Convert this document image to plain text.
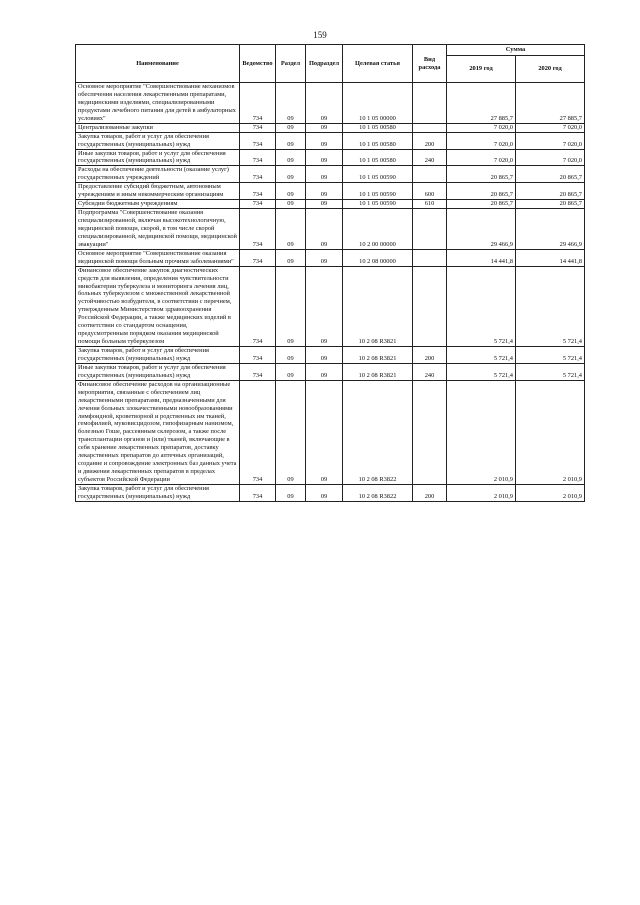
159
Наименование	Ведомство	Раздел	Подраздел	Целевая статья	Вид расхода	Сумма	
						2019 год	2020 год
Основное мероприятие "Совершенствование механизмов обеспечения населения лекарственными препаратами, медицинскими изделиями, специализированными продуктами лечебного питания для детей в амбулаторных условиях"	734	09	09	10 1 05 00000		27 885,7	27 885,7
Централизованные закупки	734	09	09	10 1 05 00580		7 020,0	7 020,0
Закупка товаров, работ и услуг для обеспечения государственных (муниципальных) нужд	734	09	09	10 1 05 00580	200	7 020,0	7 020,0
Иные закупки товаров, работ и услуг для обеспечения государственных (муниципальных) нужд	734	09	09	10 1 05 00580	240	7 020,0	7 020,0
Расходы на обеспечение деятельности (оказание услуг) государственных учреждений	734	09	09	10 1 05 00590		20 865,7	20 865,7
Предоставление субсидий бюджетным, автономным учреждениям и иным некоммерческим организациям	734	09	09	10 1 05 00590	600	20 865,7	20 865,7
Субсидии бюджетным учреждениям	734	09	09	10 1 05 00590	610	20 865,7	20 865,7
Подпрограмма "Совершенствование оказания специализированной, включая высокотехнологичную, медицинской помощи, скорой, в том числе скорой специализированной, медицинской помощи, медицинской эвакуации"	734	09	09	10 2 00 00000		29 466,9	29 466,9
Основное мероприятие "Совершенствование оказания медицинской помощи больным прочими заболеваниями"	734	09	09	10 2 08 00000		14 441,8	14 441,8
Финансовое обеспечение закупок диагностических средств для выявления, определения чувствительности микобактерии туберкулеза и мониторинга лечения лиц, больных туберкулезом с множественной лекарственной устойчивостью возбудителя, в соответствии с перечнем, утвержденным Министерством здравоохранения Российской Федерации, а также медицинских изделий в соответствии со стандартом оснащения, предусмотренным порядком оказания медицинской помощи больным туберкулезом	734	09	09	10 2 08 R3821		5 721,4	5 721,4
Закупка товаров, работ и услуг для обеспечения государственных (муниципальных) нужд	734	09	09	10 2 08 R3821	200	5 721,4	5 721,4
Иные закупки товаров, работ и услуг для обеспечения государственных (муниципальных) нужд	734	09	09	10 2 08 R3821	240	5 721,4	5 721,4
Финансовое обеспечение расходов на организационные мероприятия, связанные с обеспечением лиц лекарственными препаратами, предназначенными для лечения больных злокачественными новообразованиями лимфоидной, кроветворной и родственных им тканей, гемофилией, муковисцидозом, гипофизарным нанизмом, болезнью Гоше, рассеянным склерозом, а также после трансплантации органов и (или) тканей, включающие в себя хранение лекарственных препаратов, доставку лекарственных препаратов до аптечных организаций, создание и сопровождение электронных баз данных учета и движения лекарственных препаратов в пределах субъектов Российской Федерации	734	09	09	10 2 08 R3822		2 010,9	2 010,9
Закупка товаров, работ и услуг для обеспечения государственных (муниципальных) нужд	734	09	09	10 2 08 R3822	200	2 010,9	2 010,9
